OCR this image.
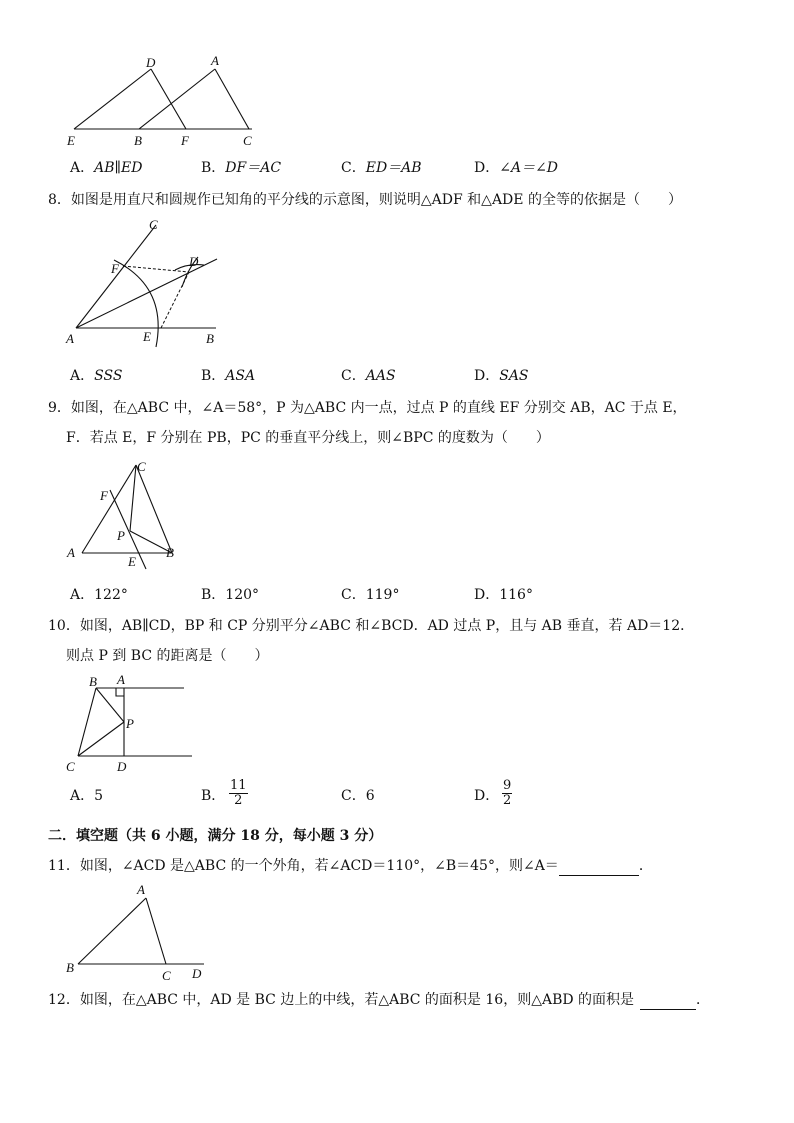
D	A
E	B	F	C
A．AB∥ED	B．DF＝AC	C．ED＝AB	D．∠A＝∠D
8．如图是用直尺和圆规作已知角的平分线的示意图，则说明△ADF 和△ADE 的全等的依据是（　　）
C
F	D
A	E	B
A．SSS	B．ASA	C．AAS	D．SAS
9．如图，在△ABC 中，∠A＝58°，P 为△ABC 内一点，过点 P 的直线 EF 分别交 AB，AC 于点 E，
F．若点 E，F 分别在 PB，PC 的垂直平分线上，则∠BPC 的度数为（　　）
C
F
P
A
E
B
A．122°	B．120°	C．119°	D．116°
10．如图，AB∥CD，BP 和 CP 分别平分∠ABC 和∠BCD．AD 过点 P，且与 AB 垂直，若 AD＝12．
则点 P 到 BC 的距离是（　　）
B A
P
C	D
A．5	B． $\frac{11}{2}$	C．6	D． $\frac{9}{2}$
二．填空题（共 6 小题，满分 18 分，每小题 3 分）
11．如图，∠ACD 是△ABC 的一个外角，若∠ACD＝110°，∠B＝45°，则∠A＝	．
A
B
C D
12．如图，在△ABC 中，AD 是 BC 边上的中线，若△ABC 的面积是 16，则△ABD 的面积是	．
